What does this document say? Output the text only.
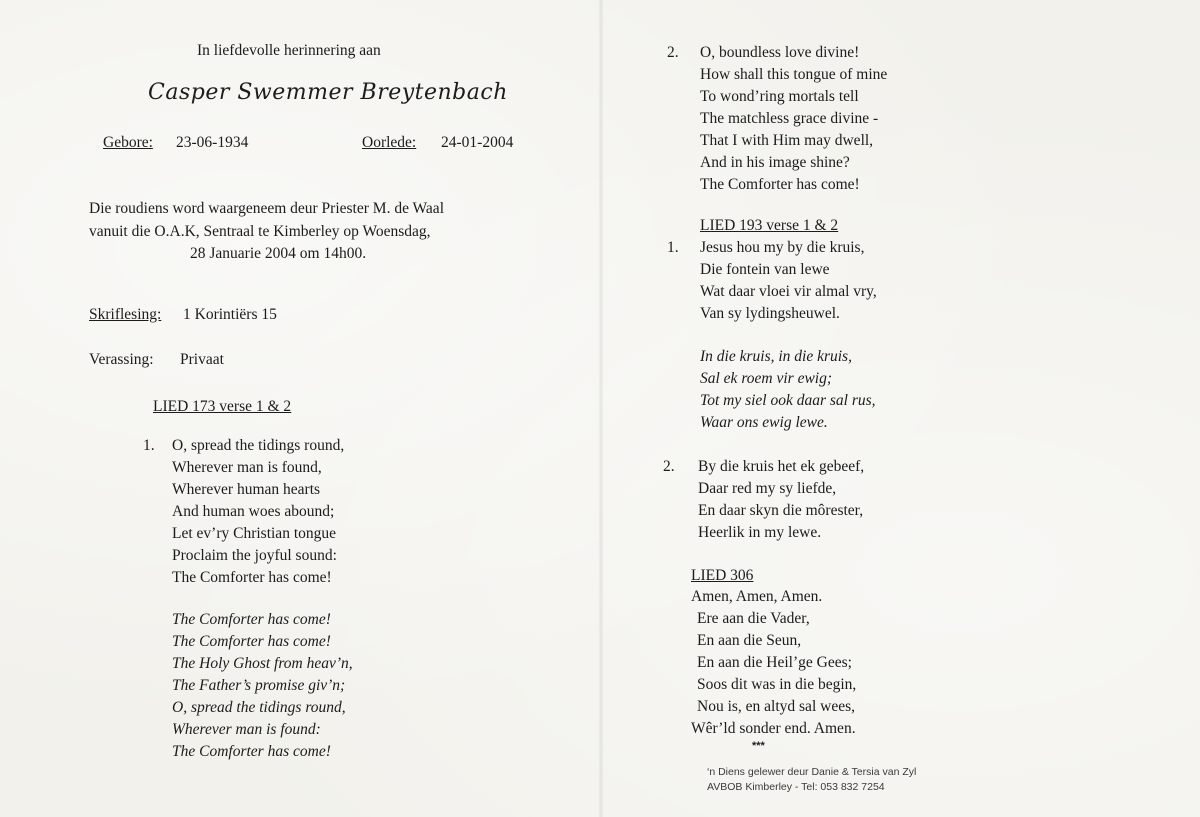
In liefdevolle herinnering aan
Casper Swemmer Breytenbach
Gebore: 23-06-1934	Oorlede: 24-01-2004
Die roudiens word waargeneem deur Priester M. de Waal
vanuit die O.A.K, Sentraal te Kimberley op Woensdag,
28 Januarie 2004 om 14h00.
Skriflesing: 1 Korintiërs 15
Verassing: Privaat
LIED 173 verse 1 & 2
1. O, spread the tidings round,
Wherever man is found,
Wherever human hearts
And human woes abound;
Let ev’ry Christian tongue
Proclaim the joyful sound:
The Comforter has come!
The Comforter has come!
The Comforter has come!
The Holy Ghost from heav’n,
The Father’s promise giv’n;
O, spread the tidings round,
Wherever man is found:
The Comforter has come!
2. O, boundless love divine!
How shall this tongue of mine
To wond’ring mortals tell
The matchless grace divine -
That I with Him may dwell,
And in his image shine?
The Comforter has come!
LIED 193 verse 1 & 2
1. Jesus hou my by die kruis,
Die fontein van lewe
Wat daar vloei vir almal vry,
Van sy lydingsheuwel.
In die kruis, in die kruis,
Sal ek roem vir ewig;
Tot my siel ook daar sal rus,
Waar ons ewig lewe.
2. By die kruis het ek gebeef,
Daar red my sy liefde,
En daar skyn die môrester,
Heerlik in my lewe.
LIED 306
Amen, Amen, Amen.
Ere aan die Vader,
En aan die Seun,
En aan die Heil’ge Gees;
Soos dit was in die begin,
Nou is, en altyd sal wees,
Wêr’ld sonder end. Amen.
***
‘n Diens gelewer deur Danie & Tersia van Zyl
AVBOB Kimberley - Tel: 053 832 7254
